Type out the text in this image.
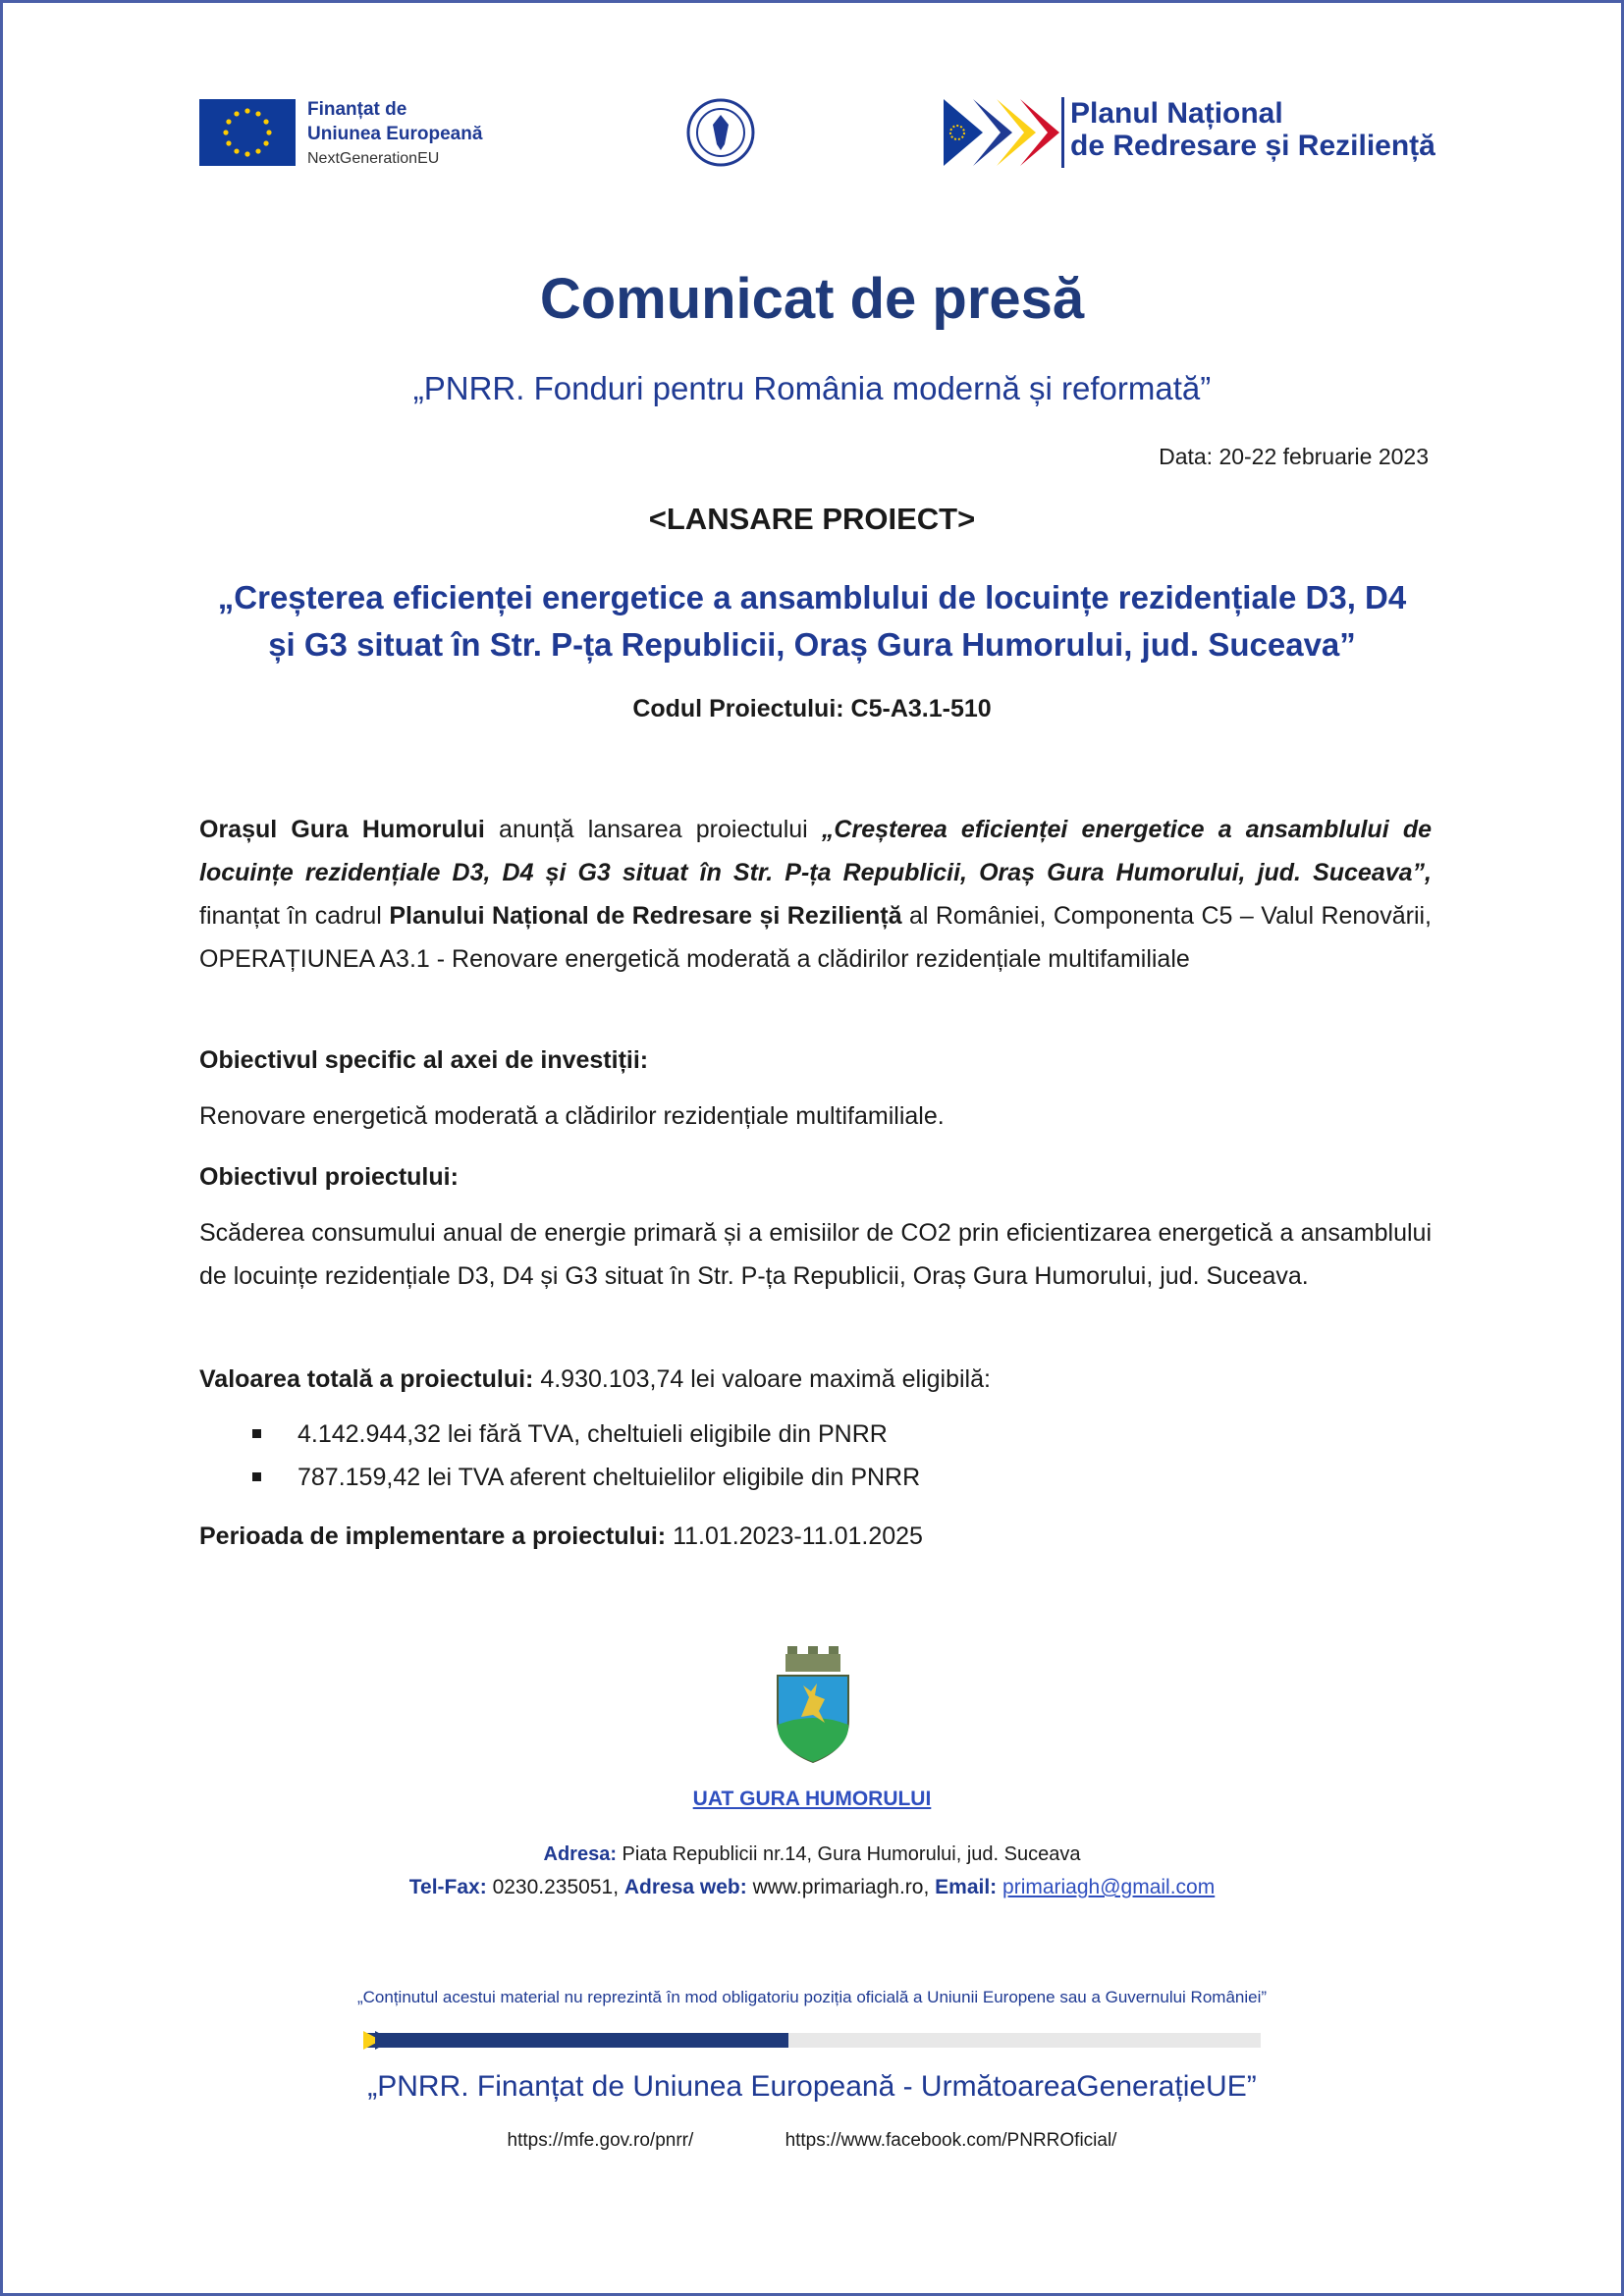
Finanțat de
Uniunea Europeană
NextGenerationEU
Planul Național
de Redresare și Reziliență
Comunicat de presă
„PNRR. Fonduri pentru România modernă și reformată”
Data: 20-22 februarie 2023
<LANSARE PROIECT>
„Creșterea eficienței energetice a ansamblului de locuințe rezidențiale D3, D4
și G3 situat în Str. P-ța Republicii, Oraș Gura Humorului, jud. Suceava”
Codul Proiectului: C5-A3.1-510
Orașul Gura Humorului anunță lansarea proiectului „Creșterea eficienței energetice a ansamblului de locuințe rezidențiale D3, D4 și G3 situat în Str. P-ța Republicii, Oraș Gura Humorului, jud. Suceava”, finanțat în cadrul Planului Național de Redresare și Reziliență al României, Componenta C5 – Valul Renovării, OPERAȚIUNEA A3.1 - Renovare energetică moderată a clădirilor rezidențiale multifamiliale
Obiectivul specific al axei de investiții:
Renovare energetică moderată a clădirilor rezidențiale multifamiliale.
Obiectivul proiectului:
Scăderea consumului anual de energie primară și a emisiilor de CO2 prin eficientizarea energetică a ansamblului de locuințe rezidențiale D3, D4 și G3 situat în Str. P-ța Republicii, Oraș Gura Humorului, jud. Suceava.
Valoarea totală a proiectului: 4.930.103,74 lei valoare maximă eligibilă:
4.142.944,32 lei fără TVA, cheltuieli eligibile din PNRR
787.159,42 lei TVA aferent cheltuielilor eligibile din PNRR
Perioada de implementare a proiectului: 11.01.2023-11.01.2025
UAT GURA HUMORULUI
Adresa: Piata Republicii nr.14, Gura Humorului, jud. Suceava
Tel-Fax: 0230.235051, Adresa web: www.primariagh.ro, Email: primariagh@gmail.com
„Conținutul acestui material nu reprezintă în mod obligatoriu poziția oficială a Uniunii Europene sau a Guvernului României”
„PNRR. Finanțat de Uniunea Europeană - UrmătoareaGenerațieUE”
https://mfe.gov.ro/pnrr/	https://www.facebook.com/PNRROficial/
